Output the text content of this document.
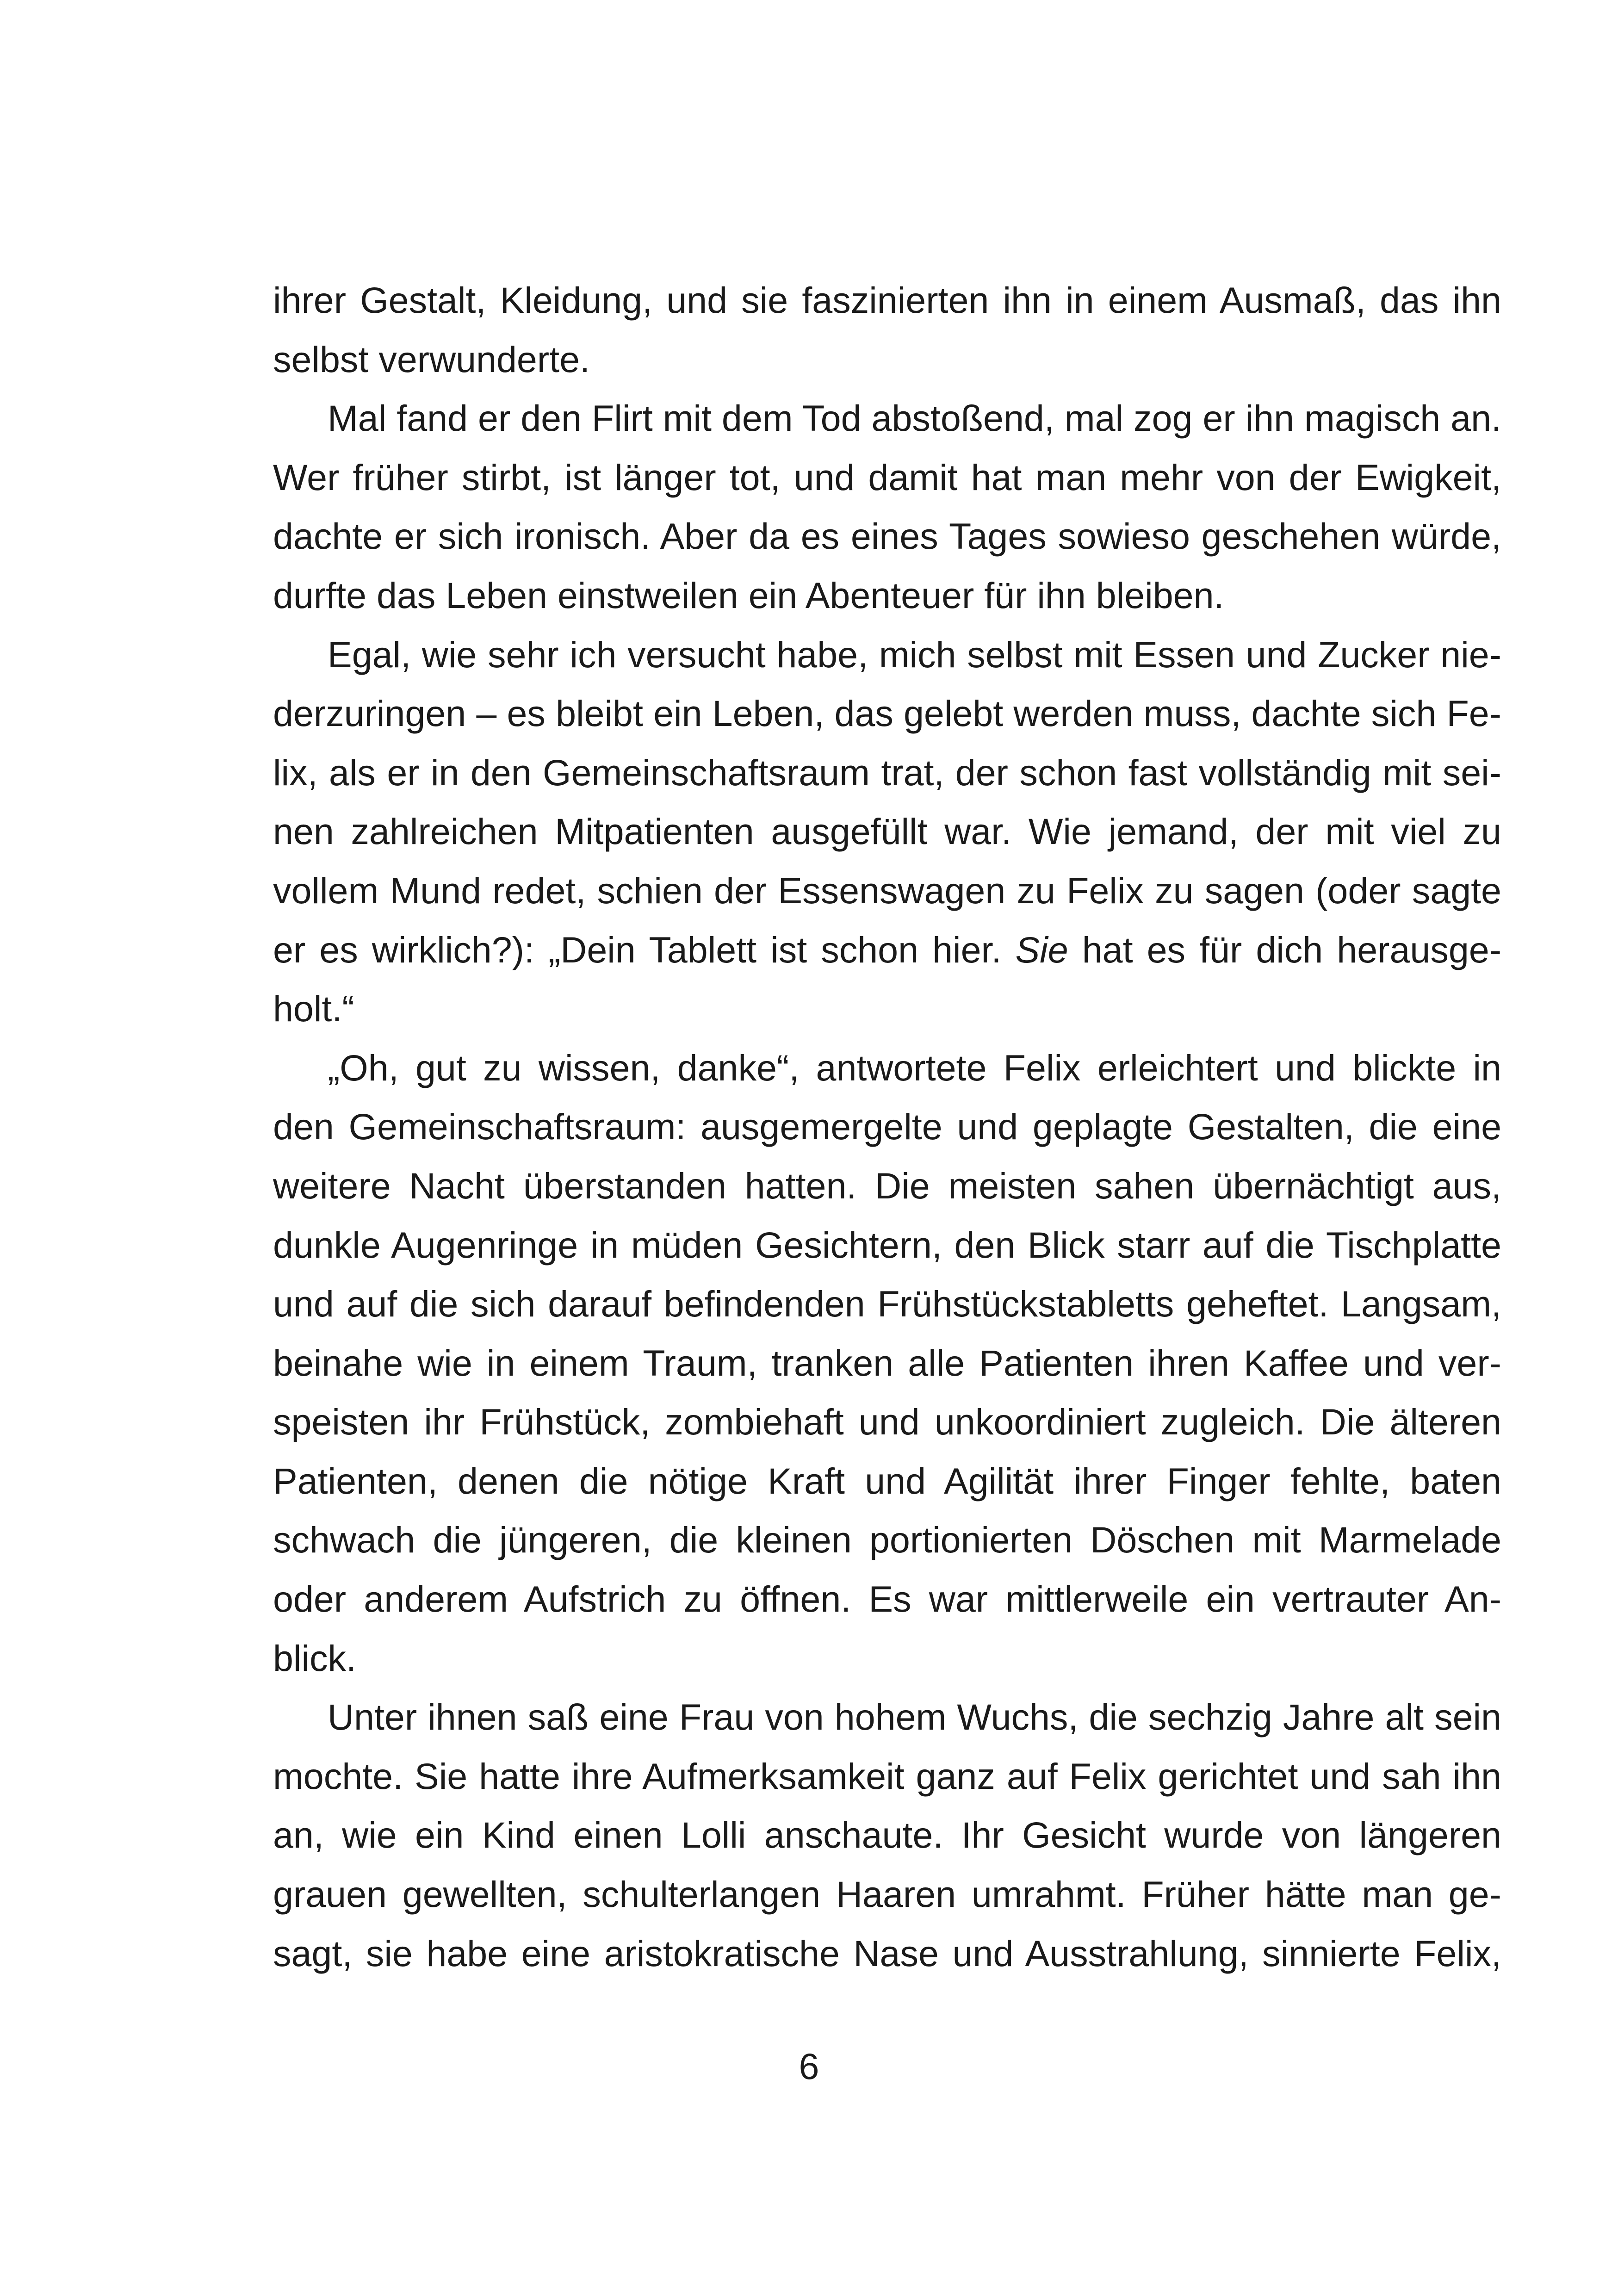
ihrer Gestalt, Kleidung, und sie faszinierten ihn in einem Ausmaß, das ihn
selbst verwunderte.
Mal fand er den Flirt mit dem Tod abstoßend, mal zog er ihn magisch an.
Wer früher stirbt, ist länger tot, und damit hat man mehr von der Ewigkeit,
dachte er sich ironisch. Aber da es eines Tages sowieso geschehen würde,
durfte das Leben einstweilen ein Abenteuer für ihn bleiben.
Egal, wie sehr ich versucht habe, mich selbst mit Essen und Zucker nie-
derzuringen – es bleibt ein Leben, das gelebt werden muss, dachte sich Fe-
lix, als er in den Gemeinschaftsraum trat, der schon fast vollständig mit sei-
nen zahlreichen Mitpatienten ausgefüllt war. Wie jemand, der mit viel zu
vollem Mund redet, schien der Essenswagen zu Felix zu sagen (oder sagte
er es wirklich?): „Dein Tablett ist schon hier. Sie hat es für dich herausge-
holt.“
„Oh, gut zu wissen, danke“, antwortete Felix erleichtert und blickte in
den Gemeinschaftsraum: ausgemergelte und geplagte Gestalten, die eine
weitere Nacht überstanden hatten. Die meisten sahen übernächtigt aus,
dunkle Augenringe in müden Gesichtern, den Blick starr auf die Tischplatte
und auf die sich darauf befindenden Frühstückstabletts geheftet. Langsam,
beinahe wie in einem Traum, tranken alle Patienten ihren Kaffee und ver-
speisten ihr Frühstück, zombiehaft und unkoordiniert zugleich. Die älteren
Patienten, denen die nötige Kraft und Agilität ihrer Finger fehlte, baten
schwach die jüngeren, die kleinen portionierten Döschen mit Marmelade
oder anderem Aufstrich zu öffnen. Es war mittlerweile ein vertrauter An-
blick.
Unter ihnen saß eine Frau von hohem Wuchs, die sechzig Jahre alt sein
mochte. Sie hatte ihre Aufmerksamkeit ganz auf Felix gerichtet und sah ihn
an, wie ein Kind einen Lolli anschaute. Ihr Gesicht wurde von längeren
grauen gewellten, schulterlangen Haaren umrahmt. Früher hätte man ge-
sagt, sie habe eine aristokratische Nase und Ausstrahlung, sinnierte Felix,
6
